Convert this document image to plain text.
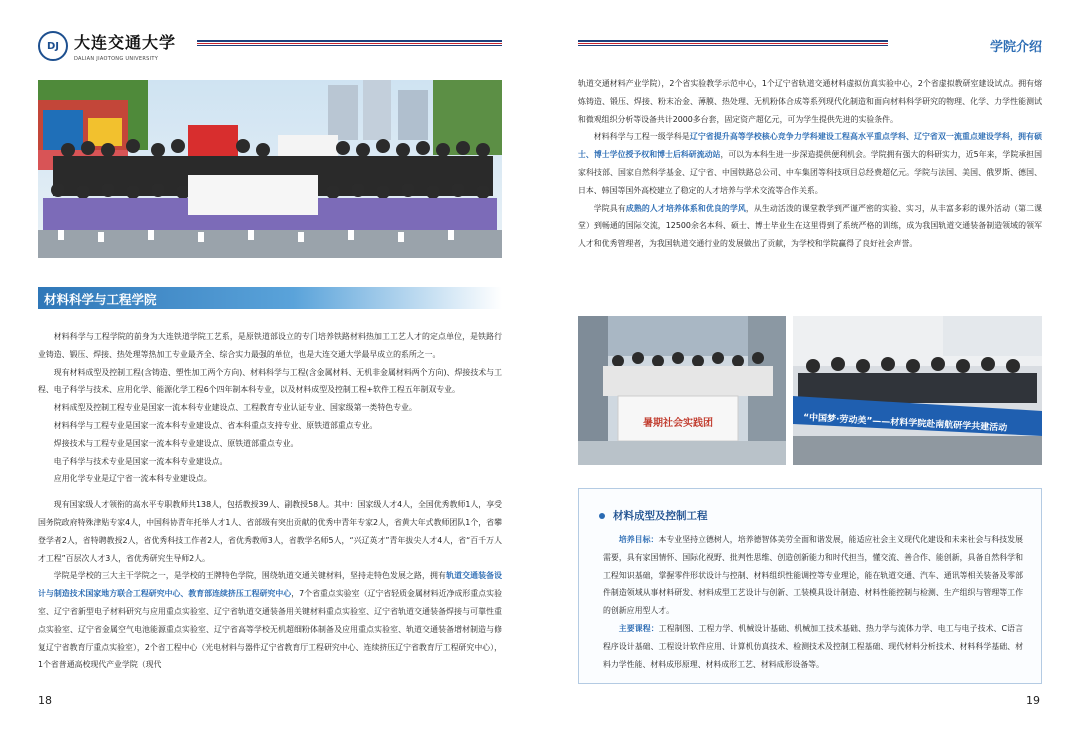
DJ 大连交通大学
DALIAN JIAOTONG UNIVERSITY
材料科学与工程学院

材料科学与工程学院的前身为大连铁道学院工艺系，是原铁道部设立的专门培养铁路材料热加工工艺人才的定点单位，是铁路行业铸造、锻压、焊接、热处理等热加工专业最齐全、综合实力最强的单位，也是大连交通大学最早成立的系所之一。

现有材料成型及控制工程(含铸造、塑性加工两个方向)、材料科学与工程(含金属材料、无机非金属材料两个方向)、焊接技术与工程、电子科学与技术、应用化学、能源化学工程6个四年制本科专业，以及材料成型及控制工程+软件工程五年制双专业。

材料成型及控制工程专业是国家一流本科专业建设点、工程教育专业认证专业、国家级第一类特色专业。

材料科学与工程专业是国家一流本科专业建设点、省本科重点支持专业、原铁道部重点专业。

焊接技术与工程专业是国家一流本科专业建设点、原铁道部重点专业。

电子科学与技术专业是国家一流本科专业建设点。

应用化学专业是辽宁省一流本科专业建设点。

现有国家级人才领衔的高水平专职教师共138人，包括教授39人、副教授58人。其中：国家级人才4人，全国优秀教师1人，享受国务院政府特殊津贴专家4人，中国科协青年托举人才1人、省部级有突出贡献的优秀中青年专家2人，省黄大年式教师团队1个，省攀登学者2人，省特聘教授2人，省优秀科技工作者2人，省优秀教师3人，省教学名师5人，“兴辽英才”青年拔尖人才4人，省“百千万人才工程”百层次人才3人，省优秀研究生导师2人。

学院是学校的三大主干学院之一，是学校的王牌特色学院，围绕轨道交通关键材料，坚持走特色发展之路，拥有轨道交通装备设计与制造技术国家地方联合工程研究中心、教育部连续挤压工程研究中心，7个省重点实验室（辽宁省轻质金属材料近净成形重点实验室、辽宁省新型电子材料研究与应用重点实验室、辽宁省轨道交通装备用关键材料重点实验室、辽宁省轨道交通装备焊接与可靠性重点实验室、辽宁省金属空气电池能源重点实验室、辽宁省高等学校无机超细粉体制备及应用重点实验室、轨道交通装备增材制造与修复辽宁省教育厅重点实验室），2个省工程中心（光电材料与器件辽宁省教育厅工程研究中心、连续挤压辽宁省教育厅工程研究中心），1个省普通高校现代产业学院（现代

18
学院介绍

轨道交通材料产业学院），2个省实验教学示范中心，1个辽宁省轨道交通材料虚拟仿真实验中心，2个省虚拟教研室建设试点。拥有熔炼铸造、锻压、焊接、粉末冶金、薄膜、热处理、无机粉体合成等系列现代化制造和面向材料科学研究的物理、化学、力学性能测试和微观组织分析等设备共计2000多台套，固定资产超亿元，可为学生提供先进的实验条件。

材料科学与工程一级学科是辽宁省提升高等学校核心竞争力学科建设工程高水平重点学科、辽宁省双一流重点建设学科，拥有硕士、博士学位授予权和博士后科研流动站，可以为本科生进一步深造提供便利机会。学院拥有强大的科研实力，近5年来，学院承担国家科技部、国家自然科学基金、辽宁省、中国铁路总公司、中车集团等科技项目总经费超亿元。学院与法国、美国、俄罗斯、德国、日本、韩国等国外高校建立了稳定的人才培养与学术交流等合作关系。

学院具有成熟的人才培养体系和优良的学风，从生动活泼的课堂教学到严谨严密的实验、实习，从丰富多彩的课外活动（第二课堂）到畅通的国际交流，12500余名本科、硕士、博士毕业生在这里得到了系统严格的训练，成为我国轨道交通装备制造领域的领军人才和优秀管理者，为我国轨道交通行业的发展做出了贡献，为学校和学院赢得了良好社会声誉。

暑期社会实践团	“中国梦·劳动美”——材料学院赴南航研学共建活动
材料成型及控制工程

培养目标：本专业坚持立德树人，培养德智体美劳全面和谐发展，能适应社会主义现代化建设和未来社会与科技发展需要，具有家国情怀、国际化视野、批判性思维、创造创新能力和时代担当，懂交流、善合作、能创新，具备自然科学和工程知识基础，掌握零件形状设计与控制、材料组织性能调控等专业理论，能在轨道交通、汽车、通讯等相关装备及零部件制造领域从事材料研发、材料成型工艺设计与创新、工装模具设计制造、材料性能控制与检测、生产组织与管理等工作的创新应用型人才。

主要课程：工程制图、工程力学、机械设计基础、机械加工技术基础、热力学与流体力学、电工与电子技术、C语言程序设计基础、工程设计软件应用、计算机仿真技术、检测技术及控制工程基础、现代材料分析技术、材料科学基础、材料力学性能、材料成形原理、材料成形工艺、材料成形设备等。

19
